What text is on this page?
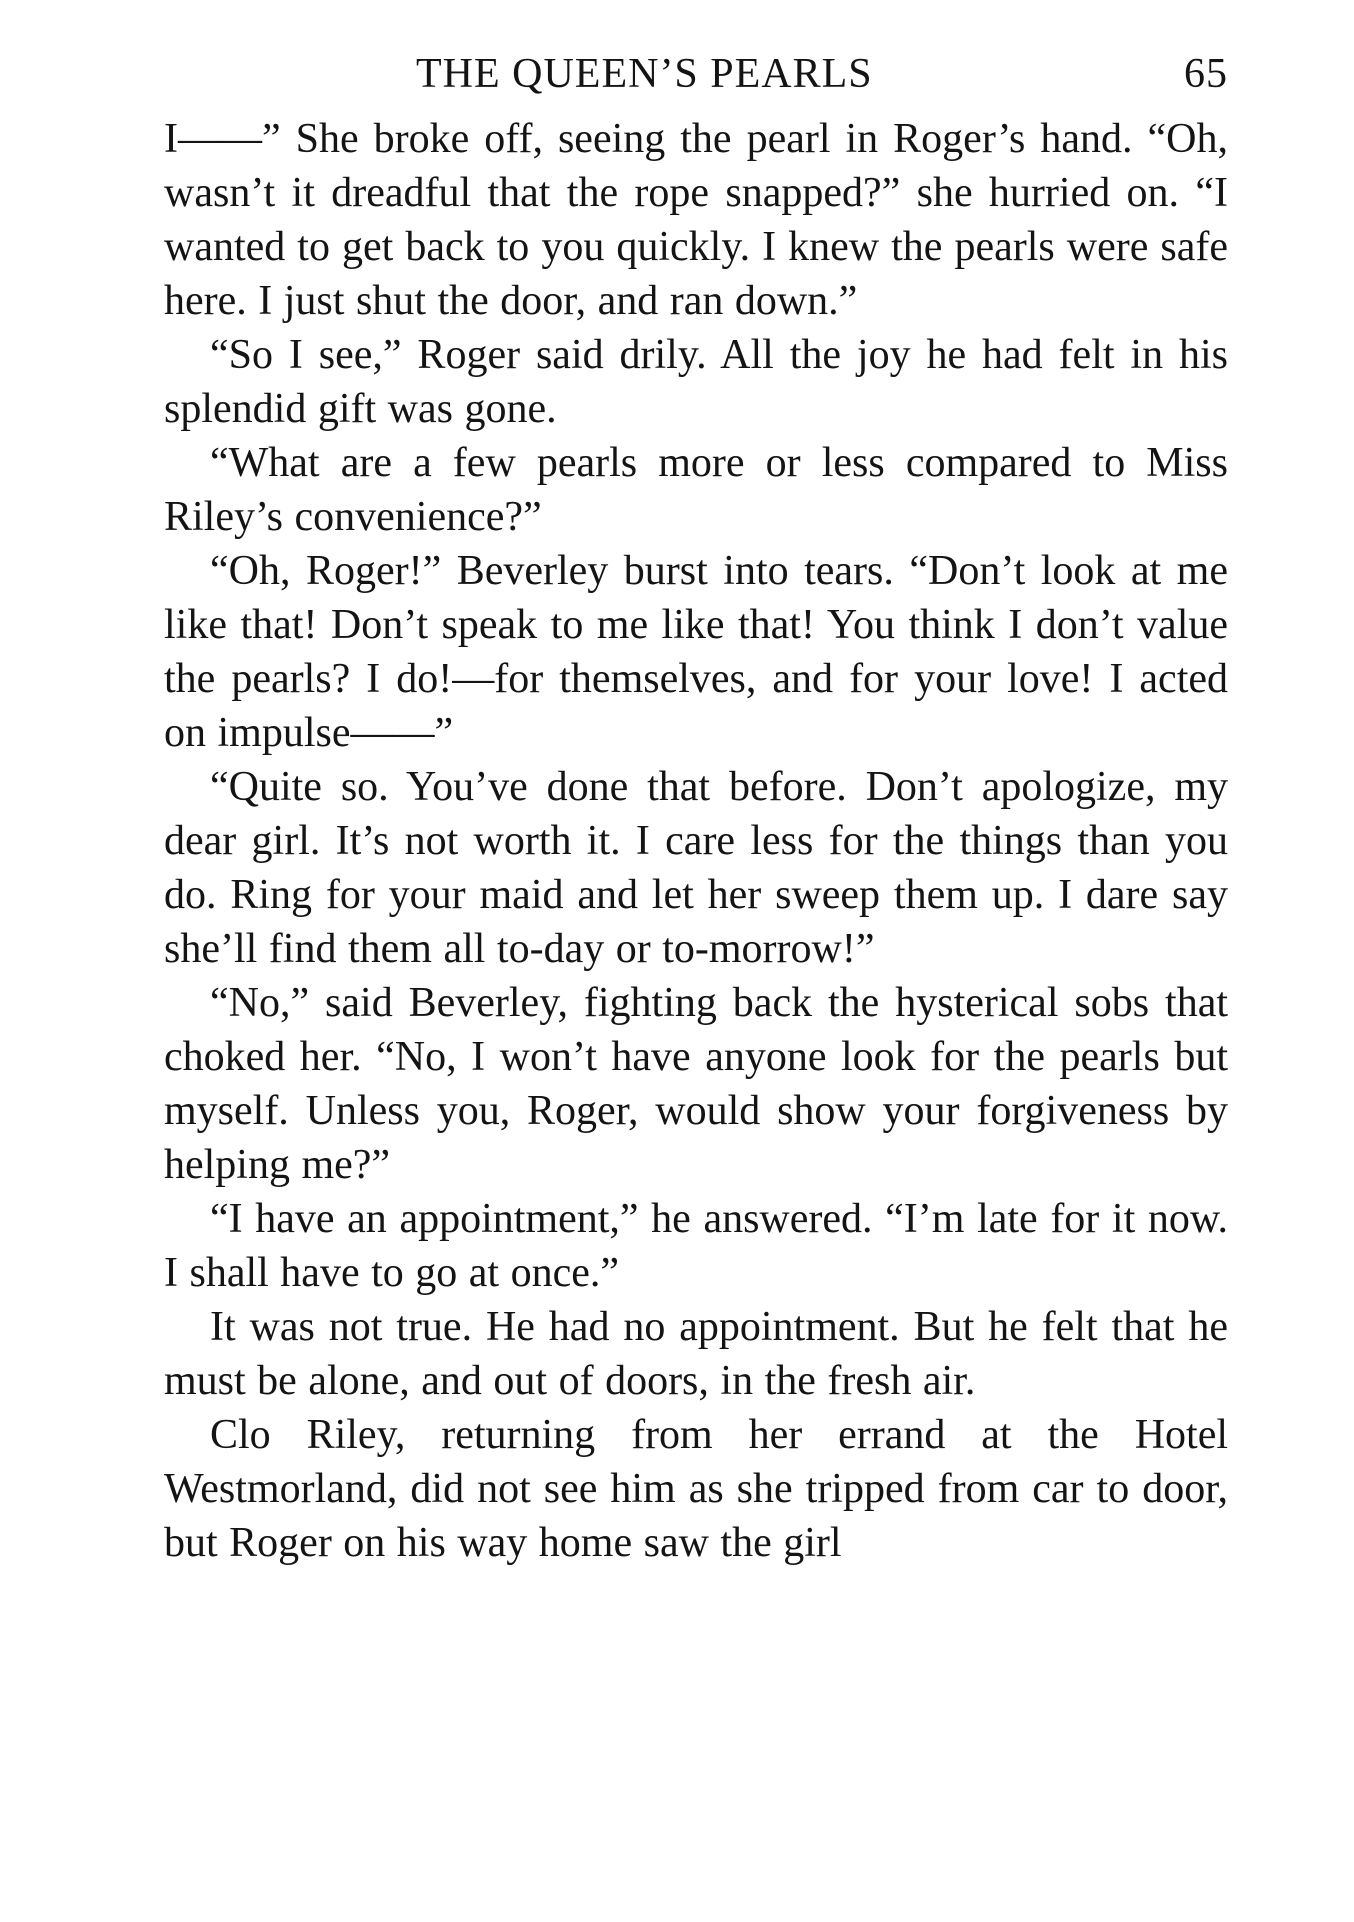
THE QUEEN’S PEARLS	65

I——” She broke off, seeing the pearl in Roger’s hand. “Oh, wasn’t it dreadful that the rope snapped?” she hurried on. “I wanted to get back to you quickly. I knew the pearls were safe here. I just shut the door, and ran down.”

“So I see,” Roger said drily. All the joy he had felt in his splendid gift was gone.

“What are a few pearls more or less compared to Miss Riley’s convenience?”

“Oh, Roger!” Beverley burst into tears. “Don’t look at me like that! Don’t speak to me like that! You think I don’t value the pearls? I do!—for themselves, and for your love! I acted on impulse——”

“Quite so. You’ve done that before. Don’t apologize, my dear girl. It’s not worth it. I care less for the things than you do. Ring for your maid and let her sweep them up. I dare say she’ll find them all to-day or to-morrow!”

“No,” said Beverley, fighting back the hysterical sobs that choked her. “No, I won’t have anyone look for the pearls but myself. Unless you, Roger, would show your forgiveness by helping me?”

“I have an appointment,” he answered. “I’m late for it now. I shall have to go at once.”

It was not true. He had no appointment. But he felt that he must be alone, and out of doors, in the fresh air.

Clo Riley, returning from her errand at the Hotel Westmorland, did not see him as she tripped from car to door, but Roger on his way home saw the girl
